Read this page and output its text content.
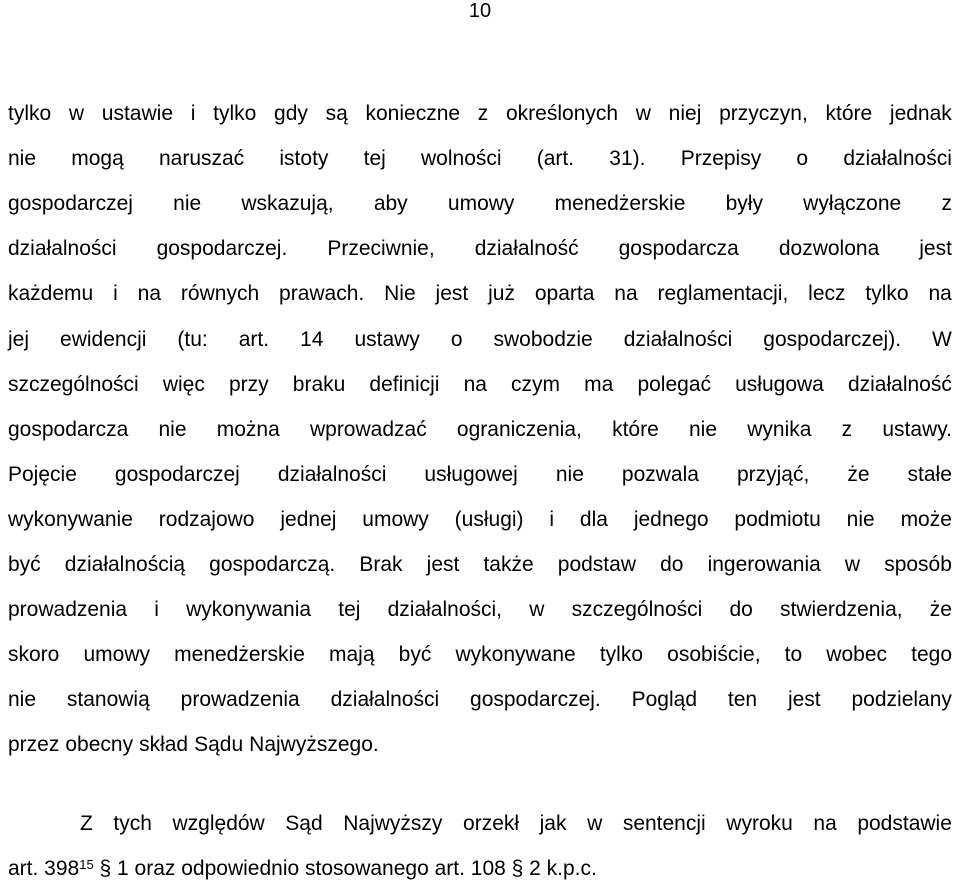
10
tylko w ustawie i tylko gdy są konieczne z określonych w niej przyczyn, które jednak
nie mogą naruszać istoty tej wolności (art. 31). Przepisy o działalności
gospodarczej nie wskazują, aby umowy menedżerskie były wyłączone z
działalności gospodarczej. Przeciwnie, działalność gospodarcza dozwolona jest
każdemu i na równych prawach. Nie jest już oparta na reglamentacji, lecz tylko na
jej ewidencji (tu: art. 14 ustawy o swobodzie działalności gospodarczej). W
szczególności więc przy braku definicji na czym ma polegać usługowa działalność
gospodarcza nie można wprowadzać ograniczenia, które nie wynika z ustawy.
Pojęcie gospodarczej działalności usługowej nie pozwala przyjąć, że stałe
wykonywanie rodzajowo jednej umowy (usługi) i dla jednego podmiotu nie może
być działalnością gospodarczą. Brak jest także podstaw do ingerowania w sposób
prowadzenia i wykonywania tej działalności, w szczególności do stwierdzenia, że
skoro umowy menedżerskie mają być wykonywane tylko osobiście, to wobec tego
nie stanowią prowadzenia działalności gospodarczej. Pogląd ten jest podzielany
przez obecny skład Sądu Najwyższego.
Z tych względów Sąd Najwyższy orzekł jak w sentencji wyroku na podstawie
art. 398$^{15}$ § 1 oraz odpowiednio stosowanego art. 108 § 2 k.p.c.
